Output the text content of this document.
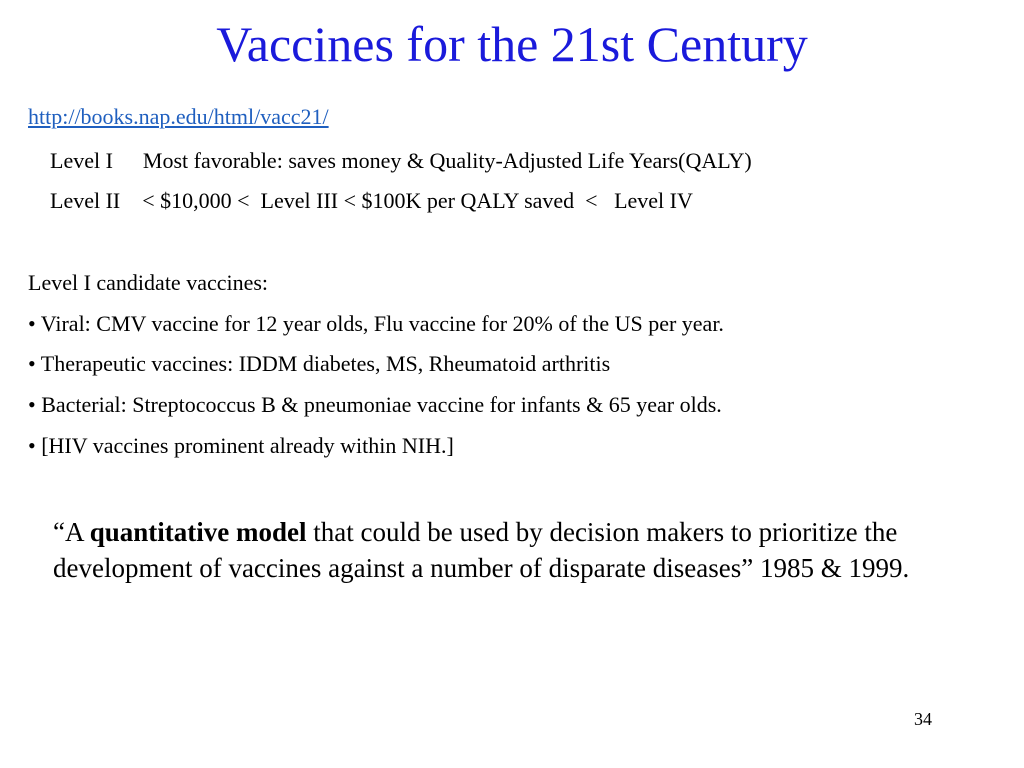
Vaccines for the 21st Century
http://books.nap.edu/html/vacc21/
Level I Most favorable: saves money & Quality-Adjusted Life Years(QALY)
Level II    < $10,000 <  Level III < $100K per QALY saved  <   Level IV
Level I candidate vaccines:
• Viral: CMV vaccine for 12 year olds, Flu vaccine for 20% of the US per year.
• Therapeutic vaccines: IDDM diabetes, MS, Rheumatoid arthritis
• Bacterial: Streptococcus B & pneumoniae vaccine for infants & 65 year olds.
• [HIV vaccines prominent already within NIH.]
“A quantitative model that could be used by decision makers to prioritize the development of vaccines against a number of disparate diseases” 1985 & 1999.
34
